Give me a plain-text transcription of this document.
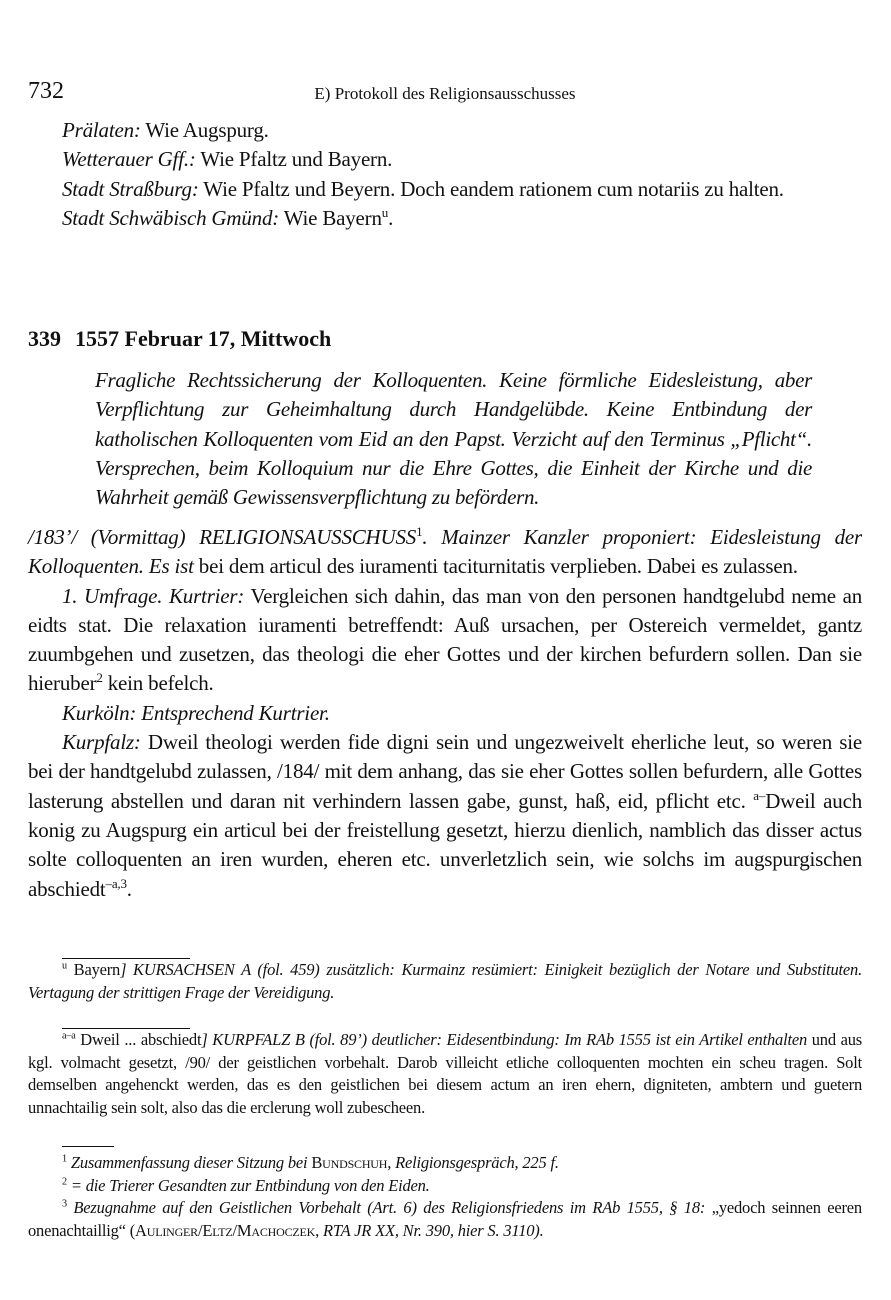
732	E) Protokoll des Religionsausschusses

Prälaten: Wie Augspurg.

Wetterauer Gff.: Wie Pfaltz und Bayern.

Stadt Straßburg: Wie Pfaltz und Beyern. Doch eandem rationem cum notariis zu halten.

Stadt Schwäbisch Gmünd: Wie Bayern$^u$.

339 1557 Februar 17, Mittwoch
Fragliche Rechtssicherung der Kolloquenten. Keine förmliche Eidesleistung, aber Verpflichtung zur Geheimhaltung durch Handgelübde. Keine Entbindung der katholischen Kolloquenten vom Eid an den Papst. Verzicht auf den Terminus „Pflicht“. Versprechen, beim Kolloquium nur die Ehre Gottes, die Einheit der Kirche und die Wahrheit gemäß Gewissensverpflichtung zu befördern.

/183’/ (Vormittag) RELIGIONSAUSSCHUSS$^1$. Mainzer Kanzler proponiert: Eidesleistung der Kolloquenten. Es ist bei dem articul des iuramenti taciturnitatis verplieben. Dabei es zulassen.

1. Umfrage. Kurtrier: Vergleichen sich dahin, das man von den personen handtgelubd neme an eidts stat. Die relaxation iuramenti betreffendt: Auß ursachen, per Ostereich vermeldet, gantz zuumbgehen und zusetzen, das theologi die eher Gottes und der kirchen befurdern sollen. Dan sie hieruber$^2$ kein befelch.

Kurköln: Entsprechend Kurtrier.

Kurpfalz: Dweil theologi werden fide digni sein und ungezweivelt eherliche leut, so weren sie bei der handtgelubd zulassen, /184/ mit dem anhang, das sie eher Gottes sollen befurdern, alle Gottes lasterung abstellen und daran nit verhindern lassen gabe, gunst, haß, eid, pflicht etc. $^{a-}$Dweil auch konig zu Augspurg ein articul bei der freistellung gesetzt, hierzu dienlich, namblich das disser actus solte colloquenten an iren wurden, eheren etc. unverletzlich sein, wie solchs im augspurgischen abschiedt$^{-a,3}$.

$^u$ Bayern] KURSACHSEN A (fol. 459) zusätzlich: Kurmainz resümiert: Einigkeit bezüglich der Notare und Substituten. Vertagung der strittigen Frage der Vereidigung.

$^{a-a}$ Dweil ... abschiedt] KURPFALZ B (fol. 89’) deutlicher: Eidesentbindung: Im RAb 1555 ist ein Artikel enthalten und aus kgl. volmacht gesetzt, /90/ der geistlichen vorbehalt. Darob villeicht etliche colloquenten mochten ein scheu tragen. Solt demselben angehenckt werden, das es den geistlichen bei diesem actum an iren ehern, digniteten, ambtern und guetern unnachtailig sein solt, also das die erclerung woll zubescheen.

$^1$ Zusammenfassung dieser Sitzung bei Bundschuh, Religionsgespräch, 225 f.

$^2$ = die Trierer Gesandten zur Entbindung von den Eiden.

$^3$ Bezugnahme auf den Geistlichen Vorbehalt (Art. 6) des Religionsfriedens im RAb 1555, § 18: „yedoch seinnen eeren onenachtaillig“ (Aulinger/Eltz/Machoczek, RTA JR XX, Nr. 390, hier S. 3110).
